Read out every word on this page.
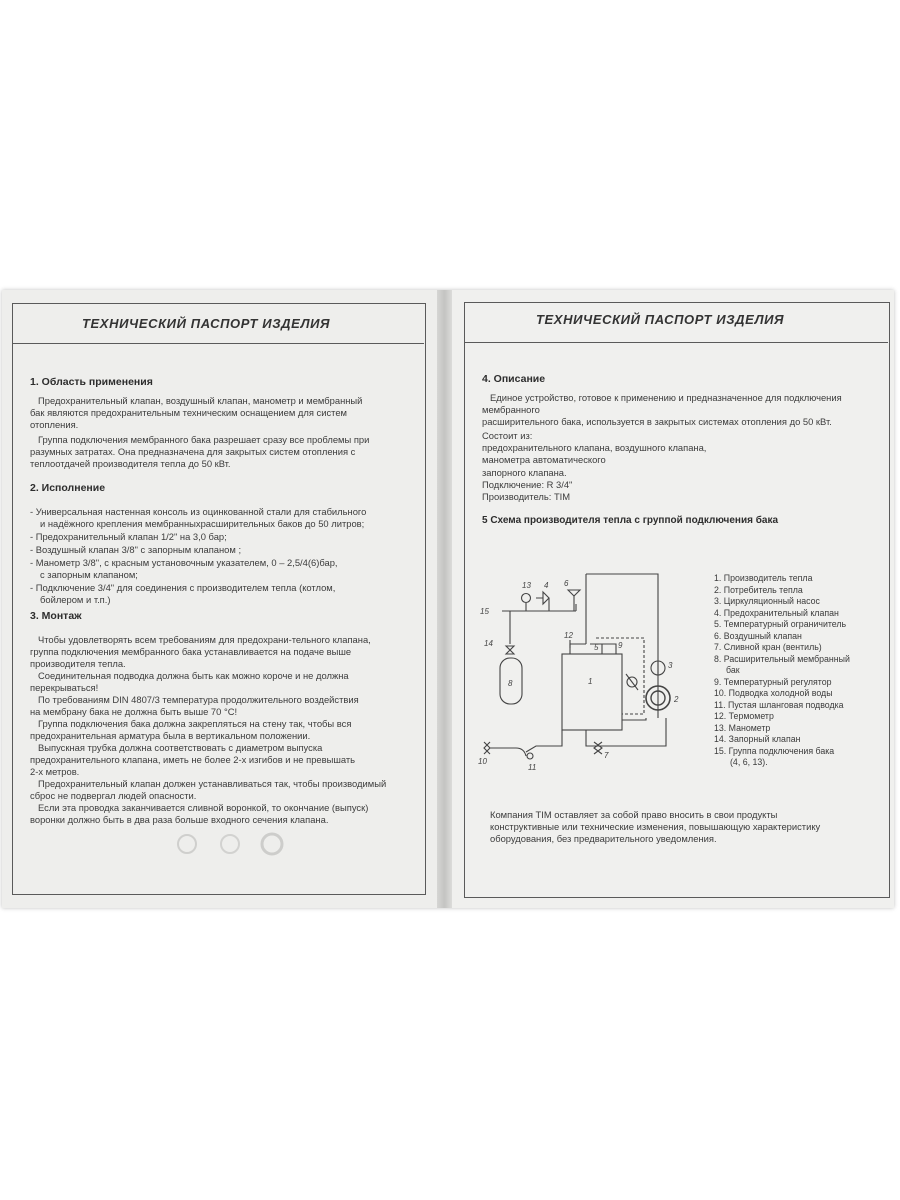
ТЕХНИЧЕСКИЙ ПАСПОРТ ИЗДЕЛИЯ
1. Область применения
Предохранительный клапан, воздушный клапан, манометр и мембранный
бак являются предохранительным техническим оснащением для систем
отопления.
Группа подключения мембранного бака разрешает сразу все проблемы при
разумных затратах. Она предназначена для закрытых систем отопления с
теплоотдачей производителя тепла до 50 кВт.
2. Исполнение
- Универсальная настенная консоль из оцинкованной стали для стабильного
и надёжного крепления мембранныхрасширительных баков до 50 литров;
- Предохранительный клапан 1/2" на 3,0 бар;
- Воздушный клапан 3/8" с запорным клапаном ;
- Манометр 3/8", с красным установочным указателем, 0 – 2,5/4(6)бар,
с запорным клапаном;
- Подключение 3/4" для соединения с производителем тепла (котлом,
бойлером и т.п.)
3. Монтаж
Чтобы удовлетворять всем требованиям для предохрани-тельного клапана,
группа подключения мембранного бака устанавливается на подаче выше
производителя тепла.
Соединительная подводка должна быть как можно короче и не должна
перекрываться!
По требованиям DIN 4807/3 температура продолжительного воздействия
на мембрану бака не должна быть выше 70 °С!
Группа подключения бака должна закрепляться на стену так, чтобы вся
предохранительная арматура была в вертикальном положении.
Выпускная трубка должна соответствовать с диаметром выпуска
предохранительного клапана, иметь не более 2-х изгибов и не превышать
2-х метров.
Предохранительный клапан должен устанавливаться так, чтобы производимый
сброс не подвергал людей опасности.
Если эта проводка заканчивается сливной воронкой, то окончание (выпуск)
воронки должно быть в два раза больше входного сечения клапана.
ТЕХНИЧЕСКИЙ ПАСПОРТ ИЗДЕЛИЯ
4. Описание
Единое устройство, готовое к применению и предназначенное для подключения
мембранного
расширительного бака, используется в закрытых системах отопления до 50 кВт.
Состоит из:
предохранительного клапана, воздушного клапана,
манометра автоматического
запорного клапана.
Подключение: R 3/4"
Производитель: TIM
5 Схема производителя тепла с группой подключения бака
14
15
13 4 6
8
12
1
5 9
3
2
7
10
11
1. Производитель тепла
2. Потребитель тепла
3. Циркуляционный насос
4. Предохранительный клапан
5. Температурный ограничитель
6. Воздушный клапан
7. Сливной кран (вентиль)
8. Расширительный мембранный
бак
9. Температурный регулятор
10. Подводка холодной воды
11. Пустая шланговая подводка
12. Термометр
13. Манометр
14. Запорный клапан
15. Группа подключения бака
(4, 6, 13).
Компания TIM оставляет за собой право вносить в свои продукты
конструктивные или технические изменения, повышающую характеристику
оборудования, без предварительного уведомления.
